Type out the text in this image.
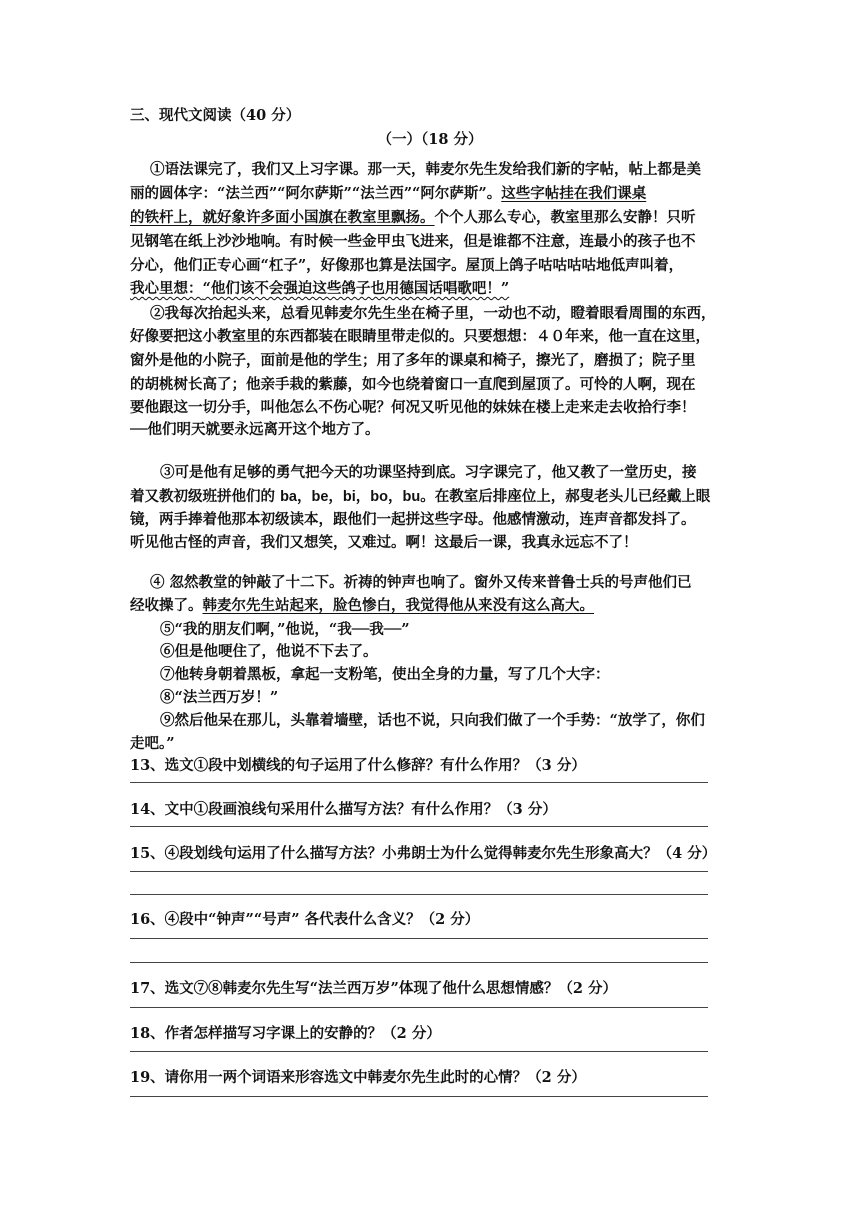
三、现代文阅读（40 分）
（一）（18 分）
①语法课完了，我们又上习字课。那一天，韩麦尔先生发给我们新的字帖，帖上都是美
丽的圆体字：“法兰西”“阿尔萨斯”“法兰西”“阿尔萨斯”。这些字帖挂在我们课桌
的铁杆上，就好象许多面小国旗在教室里飘扬。个个人那么专心，教室里那么安静！只听
见钢笔在纸上沙沙地响。有时候一些金甲虫飞进来，但是谁都不注意，连最小的孩子也不
分心，他们正专心画“杠子”，好像那也算是法国字。屋顶上鸽子咕咕咕咕地低声叫着，
我心里想：“他们该不会强迫这些鸽子也用德国话唱歌吧！”
②我每次抬起头来，总看见韩麦尔先生坐在椅子里，一动也不动，瞪着眼看周围的东西，
好像要把这小教室里的东西都装在眼睛里带走似的。只要想想：４０年来，他一直在这里，
窗外是他的小院子，面前是他的学生；用了多年的课桌和椅子，擦光了，磨损了；院子里
的胡桃树长高了；他亲手栽的紫藤，如今也绕着窗口一直爬到屋顶了。可怜的人啊，现在
要他跟这一切分手，叫他怎么不伤心呢？何况又听见他的妹妹在楼上走来走去收拾行李！
──他们明天就要永远离开这个地方了。
③可是他有足够的勇气把今天的功课坚持到底。习字课完了，他又教了一堂历史，接
着又教初级班拼他们的 ba，be，bi，bo，bu。在教室后排座位上，郝叟老头儿已经戴上眼
镜，两手捧着他那本初级读本，跟他们一起拼这些字母。他感情激动，连声音都发抖了。
听见他古怪的声音，我们又想笑，又难过。啊！这最后一课，我真永远忘不了！
④ 忽然教堂的钟敲了十二下。祈祷的钟声也响了。窗外又传来普鲁士兵的号声他们已
经收操了。韩麦尔先生站起来，脸色惨白，我觉得他从来没有这么高大。
⑤“我的朋友们啊，”他说，“我──我──”
⑥但是他哽住了，他说不下去了。
⑦他转身朝着黑板，拿起一支粉笔，使出全身的力量，写了几个大字：
⑧“法兰西万岁！”
⑨然后他呆在那儿，头靠着墙壁，话也不说，只向我们做了一个手势：“放学了，你们
走吧。”
13、选文①段中划横线的句子运用了什么修辞？有什么作用？（3 分）
14、文中①段画浪线句采用什么描写方法？有什么作用？（3 分）
15、④段划线句运用了什么描写方法？小弗朗士为什么觉得韩麦尔先生形象高大？（4 分）
16、④段中“钟声”“号声” 各代表什么含义？（2 分）
17、选文⑦⑧韩麦尔先生写“法兰西万岁”体现了他什么思想情感？（2 分）
18、作者怎样描写习字课上的安静的？（2 分）
19、请你用一两个词语来形容选文中韩麦尔先生此时的心情？（2 分）
